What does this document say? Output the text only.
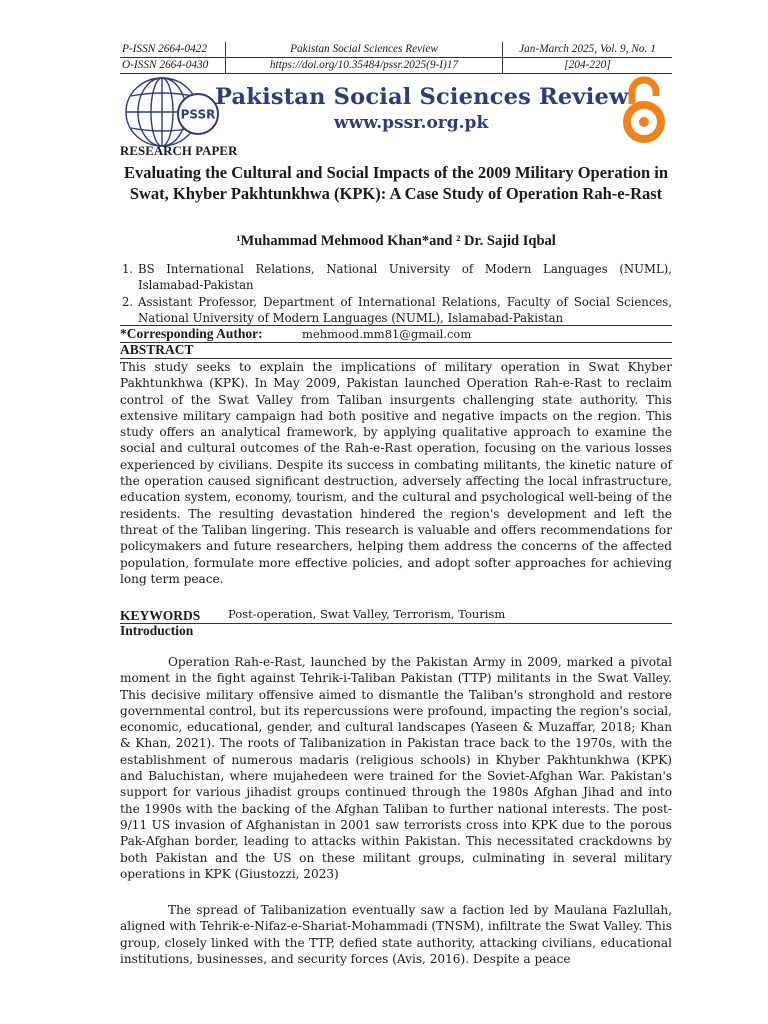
P-ISSN 2664-0422	Pakistan Social Sciences Review	Jan-March 2025, Vol. 9, No. 1
O-ISSN 2664-0430	https://doi.org/10.35484/pssr.2025(9-I)17	[204-220]
PSSR
Pakistan Social Sciences Review
www.pssr.org.pk
RESEARCH PAPER
Evaluating the Cultural and Social Impacts of the 2009 Military Operation in Swat, Khyber Pakhtunkhwa (KPK): A Case Study of Operation Rah-e-Rast
¹Muhammad Mehmood Khan*and ² Dr. Sajid Iqbal
1. BS International Relations, National University of Modern Languages (NUML), Islamabad-Pakistan
2. Assistant Professor, Department of International Relations, Faculty of Social Sciences, National University of Modern Languages (NUML), Islamabad-Pakistan
*Corresponding Author:	mehmood.mm81@gmail.com
ABSTRACT
This study seeks to explain the implications of military operation in Swat Khyber Pakhtunkhwa (KPK). In May 2009, Pakistan launched Operation Rah-e-Rast to reclaim control of the Swat Valley from Taliban insurgents challenging state authority. This extensive military campaign had both positive and negative impacts on the region. This study offers an analytical framework, by applying qualitative approach to examine the social and cultural outcomes of the Rah-e-Rast operation, focusing on the various losses experienced by civilians. Despite its success in combating militants, the kinetic nature of the operation caused significant destruction, adversely affecting the local infrastructure, education system, economy, tourism, and the cultural and psychological well-being of the residents. The resulting devastation hindered the region's development and left the threat of the Taliban lingering. This research is valuable and offers recommendations for policymakers and future researchers, helping them address the concerns of the affected population, formulate more effective policies, and adopt softer approaches for achieving long term peace.
KEYWORDS Post-operation, Swat Valley, Terrorism, Tourism
Introduction
Operation Rah-e-Rast, launched by the Pakistan Army in 2009, marked a pivotal moment in the fight against Tehrik-i-Taliban Pakistan (TTP) militants in the Swat Valley. This decisive military offensive aimed to dismantle the Taliban's stronghold and restore governmental control, but its repercussions were profound, impacting the region's social, economic, educational, gender, and cultural landscapes (Yaseen & Muzaffar, 2018; Khan & Khan, 2021). The roots of Talibanization in Pakistan trace back to the 1970s, with the establishment of numerous madaris (religious schools) in Khyber Pakhtunkhwa (KPK) and Baluchistan, where mujahedeen were trained for the Soviet-Afghan War. Pakistan's support for various jihadist groups continued through the 1980s Afghan Jihad and into the 1990s with the backing of the Afghan Taliban to further national interests. The post-9/11 US invasion of Afghanistan in 2001 saw terrorists cross into KPK due to the porous Pak-Afghan border, leading to attacks within Pakistan. This necessitated crackdowns by both Pakistan and the US on these militant groups, culminating in several military operations in KPK (Giustozzi, 2023)
The spread of Talibanization eventually saw a faction led by Maulana Fazlullah, aligned with Tehrik-e-Nifaz-e-Shariat-Mohammadi (TNSM), infiltrate the Swat Valley. This group, closely linked with the TTP, defied state authority, attacking civilians, educational institutions, businesses, and security forces (Avis, 2016). Despite a peace
